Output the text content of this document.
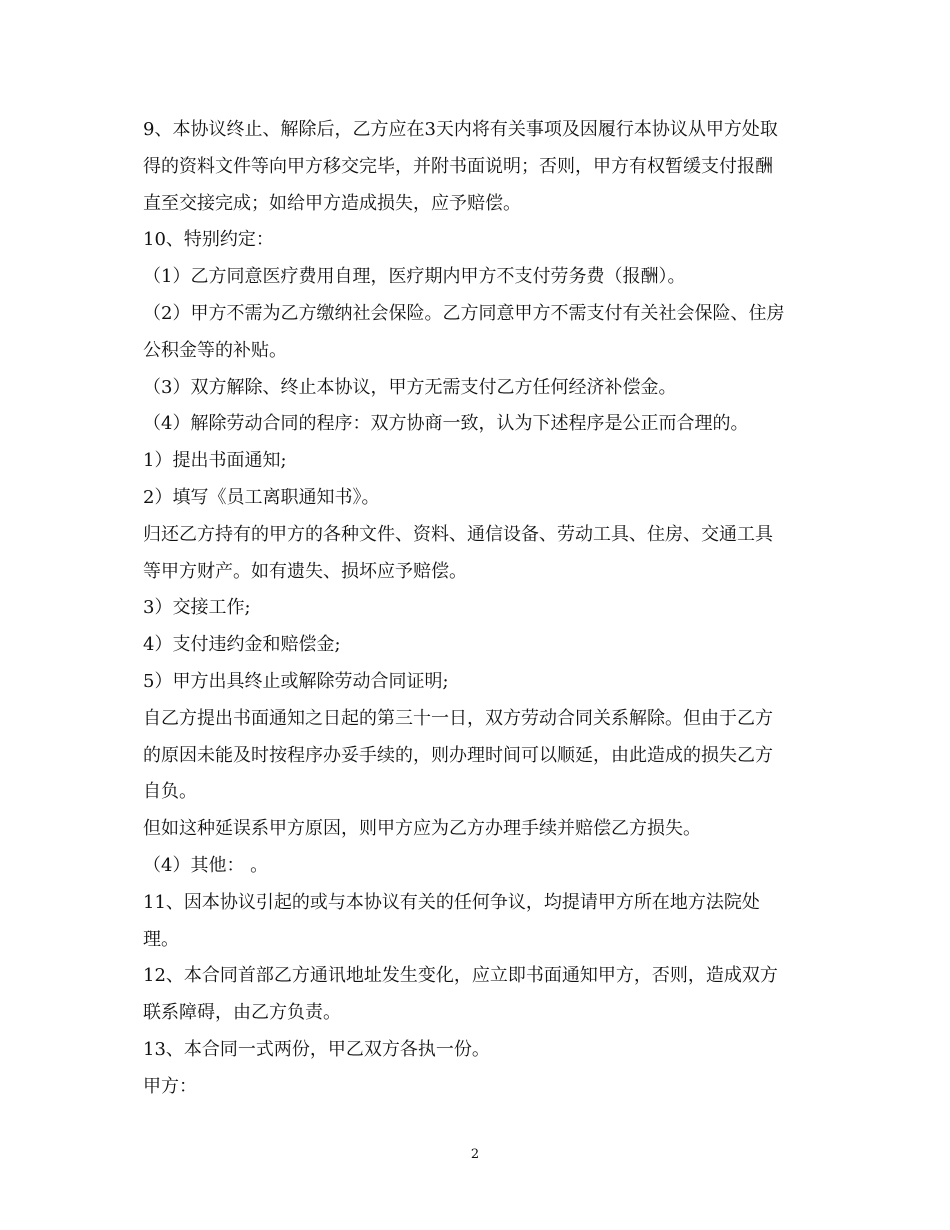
9、本协议终止、解除后，乙方应在3天内将有关事项及因履行本协议从甲方处取
得的资料文件等向甲方移交完毕，并附书面说明；否则，甲方有权暂缓支付报酬
直至交接完成；如给甲方造成损失，应予赔偿。
10、特别约定：
（1）乙方同意医疗费用自理，医疗期内甲方不支付劳务费（报酬）。
（2）甲方不需为乙方缴纳社会保险。乙方同意甲方不需支付有关社会保险、住房
公积金等的补贴。
（3）双方解除、终止本协议，甲方无需支付乙方任何经济补偿金。
（4）解除劳动合同的程序：双方协商一致，认为下述程序是公正而合理的。
1）提出书面通知;
2）填写《员工离职通知书》。
归还乙方持有的甲方的各种文件、资料、通信设备、劳动工具、住房、交通工具
等甲方财产。如有遗失、损坏应予赔偿。
3）交接工作;
4）支付违约金和赔偿金;
5）甲方出具终止或解除劳动合同证明;
自乙方提出书面通知之日起的第三十一日，双方劳动合同关系解除。但由于乙方
的原因未能及时按程序办妥手续的，则办理时间可以顺延，由此造成的损失乙方
自负。
但如这种延误系甲方原因，则甲方应为乙方办理手续并赔偿乙方损失。
（4）其他： 。
11、因本协议引起的或与本协议有关的任何争议，均提请甲方所在地方法院处
理。
12、本合同首部乙方通讯地址发生变化，应立即书面通知甲方，否则，造成双方
联系障碍，由乙方负责。
13、本合同一式两份，甲乙双方各执一份。
甲方：
2
